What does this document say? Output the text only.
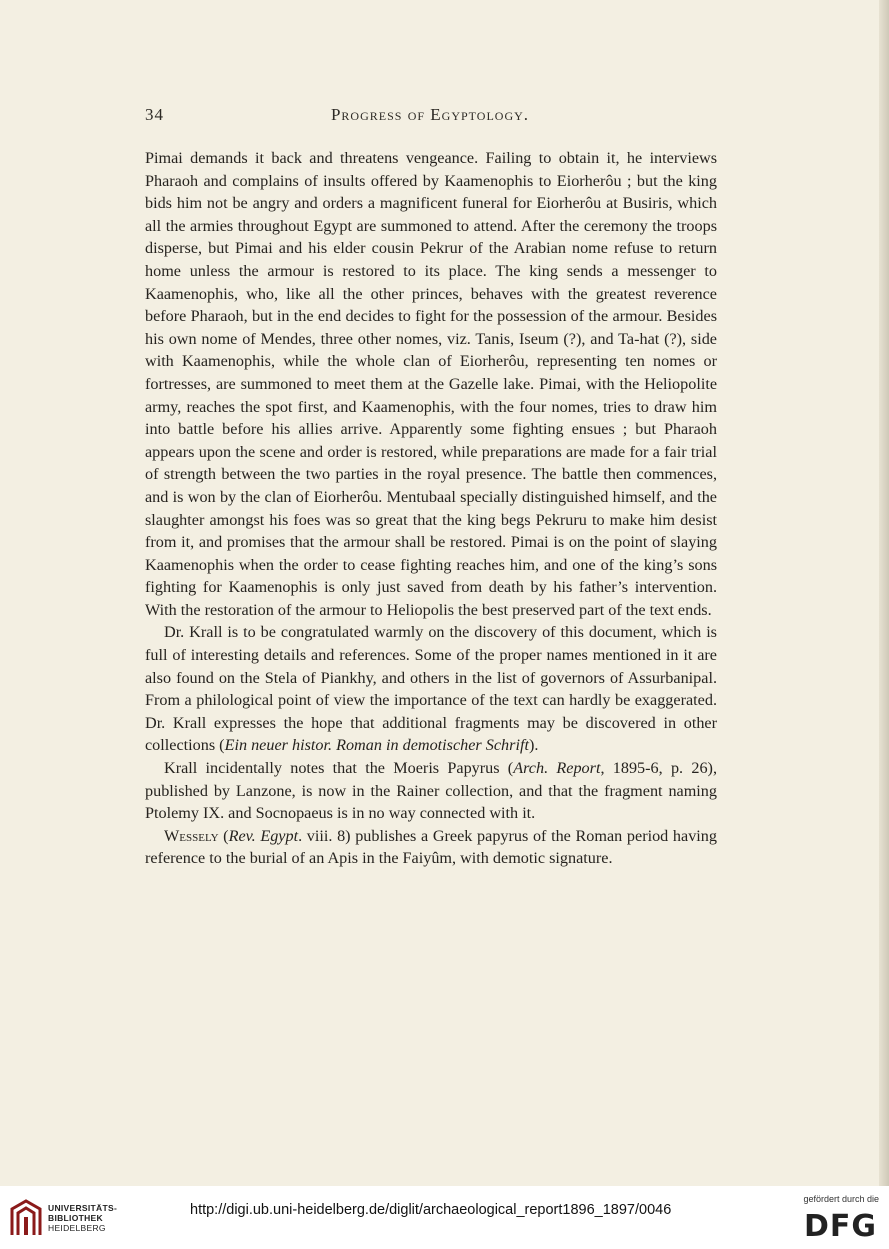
34	Progress of Egyptology.

Pimai demands it back and threatens vengeance. Failing to obtain it, he interviews Pharaoh and complains of insults offered by Kaamenophis to Eiorherôu ; but the king bids him not be angry and orders a magnificent funeral for Eiorherôu at Busiris, which all the armies throughout Egypt are summoned to attend. After the ceremony the troops disperse, but Pimai and his elder cousin Pekrur of the Arabian nome refuse to return home unless the armour is restored to its place. The king sends a messenger to Kaamenophis, who, like all the other princes, behaves with the greatest reverence before Pharaoh, but in the end decides to fight for the possession of the armour. Besides his own nome of Mendes, three other nomes, viz. Tanis, Iseum (?), and Ta-hat (?), side with Kaamenophis, while the whole clan of Eiorherôu, representing ten nomes or fortresses, are summoned to meet them at the Gazelle lake. Pimai, with the Heliopolite army, reaches the spot first, and Kaamenophis, with the four nomes, tries to draw him into battle before his allies arrive. Apparently some fighting ensues ; but Pharaoh appears upon the scene and order is restored, while preparations are made for a fair trial of strength between the two parties in the royal presence. The battle then commences, and is won by the clan of Eiorherôu. Mentubaal specially distinguished himself, and the slaughter amongst his foes was so great that the king begs Pekruru to make him desist from it, and promises that the armour shall be restored. Pimai is on the point of slaying Kaamenophis when the order to cease fighting reaches him, and one of the king’s sons fighting for Kaamenophis is only just saved from death by his father’s intervention. With the restoration of the armour to Heliopolis the best preserved part of the text ends.

Dr. Krall is to be congratulated warmly on the discovery of this document, which is full of interesting details and references. Some of the proper names mentioned in it are also found on the Stela of Piankhy, and others in the list of governors of Assurbanipal. From a philological point of view the importance of the text can hardly be exaggerated. Dr. Krall expresses the hope that additional fragments may be discovered in other collections (Ein neuer histor. Roman in demotischer Schrift).

Krall incidentally notes that the Moeris Papyrus (Arch. Report, 1895-6, p. 26), published by Lanzone, is now in the Rainer collection, and that the fragment naming Ptolemy IX. and Socnopaeus is in no way connected with it.

Wessely (Rev. Egypt. viii. 8) publishes a Greek papyrus of the Roman period having reference to the burial of an Apis in the Faiyûm, with demotic signature.

UNIVERSITÄTS-
BIBLIOTHEK
HEIDELBERG
http://digi.ub.uni-heidelberg.de/diglit/archaeological_report1896_1897/0046
gefördert durch die
DFG
